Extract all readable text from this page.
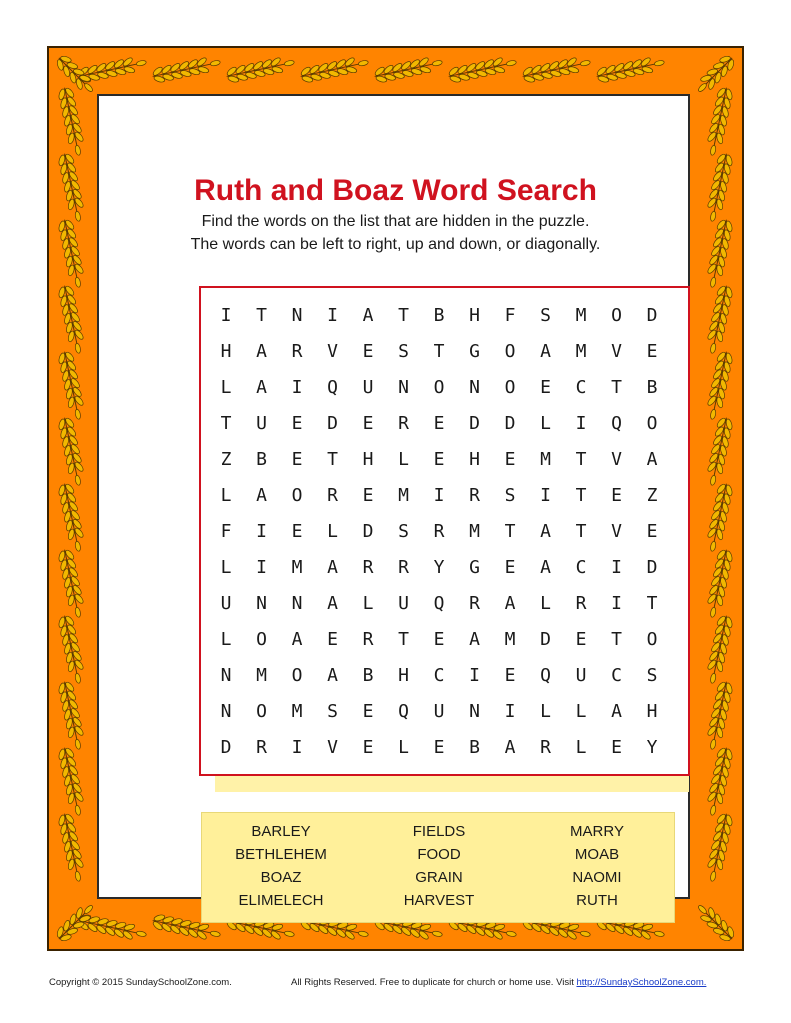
Ruth and Boaz Word Search
Find the words on the list that are hidden in the puzzle.
The words can be left to right, up and down, or diagonally.
I	T	N	I	A	T	B	H	F	S	M	O	D
H	A	R	V	E	S	T	G	O	A	M	V	E
L	A	I	Q	U	N	O	N	O	E	C	T	B
T	U	E	D	E	R	E	D	D	L	I	Q	O
Z	B	E	T	H	L	E	H	E	M	T	V	A
L	A	O	R	E	M	I	R	S	I	T	E	Z
F	I	E	L	D	S	R	M	T	A	T	V	E
L	I	M	A	R	R	Y	G	E	A	C	I	D
U	N	N	A	L	U	Q	R	A	L	R	I	T
L	O	A	E	R	T	E	A	M	D	E	T	O
N	M	O	A	B	H	C	I	E	Q	U	C	S
N	O	M	S	E	Q	U	N	I	L	L	A	H
D	R	I	V	E	L	E	B	A	R	L	E	Y
BARLEY
BETHLEHEM
BOAZ
ELIMELECH
FIELDS
FOOD
GRAIN
HARVEST
MARRY
MOAB
NAOMI
RUTH
Copyright © 2015 SundaySchoolZone.com.	All Rights Reserved. Free to duplicate for church or home use. Visit http://SundaySchoolZone.com.
